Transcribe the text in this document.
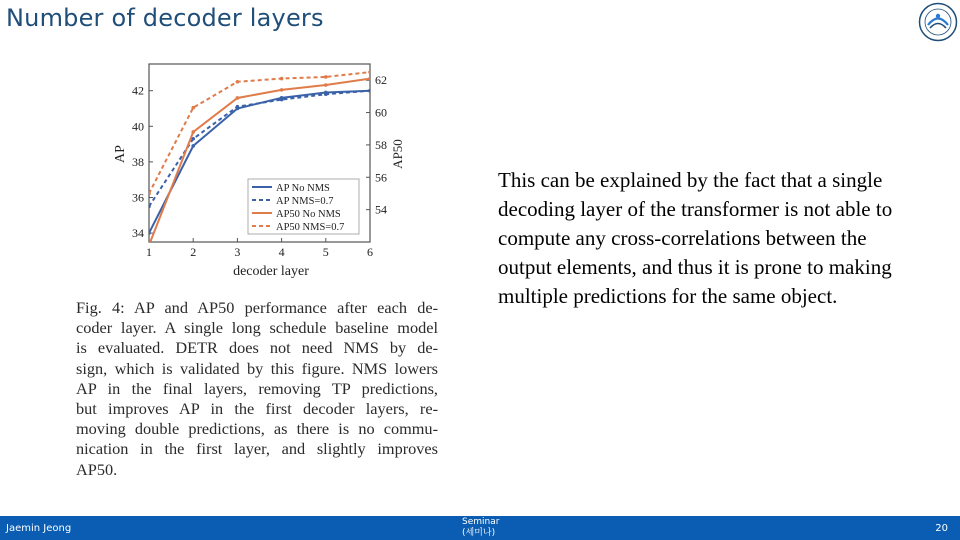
Number of decoder layers
1	2	3	4	5	6
34
36
38
40
42
54
56
58
60
62
decoder layer
AP	AP50
AP No NMS
AP NMS=0.7
AP50 No NMS
AP50 NMS=0.7
Fig. 4: AP and AP50 performance after each de-
coder layer. A single long schedule baseline model
is evaluated. DETR does not need NMS by de-
sign, which is validated by this figure. NMS lowers
AP in the final layers, removing TP predictions,
but improves AP in the first decoder layers, re-
moving double predictions, as there is no commu-
nication in the first layer, and slightly improves
AP50.
This can be explained by the fact that a single decoding layer of the transformer is not able to compute any cross-correlations between the output elements, and thus it is prone to making multiple predictions for the same object.
Jaemin Jeong
Seminar
(세미나)	20
